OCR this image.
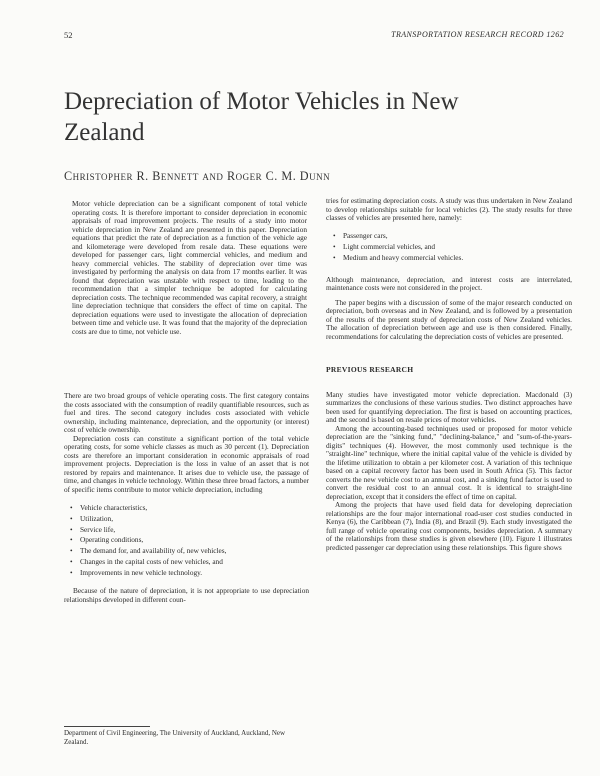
52	TRANSPORTATION RESEARCH RECORD 1262
Depreciation of Motor Vehicles in New Zealand
Christopher R. Bennett and Roger C. M. Dunn

Motor vehicle depreciation can be a significant component of total vehicle operating costs. It is therefore important to consider depreciation in economic appraisals of road improvement projects. The results of a study into motor vehicle depreciation in New Zealand are presented in this paper. Depreciation equations that predict the rate of depreciation as a function of the vehicle age and kilometerage were developed from resale data. These equations were developed for passenger cars, light commercial vehicles, and medium and heavy commercial vehicles. The stability of depreciation over time was investigated by performing the analysis on data from 17 months earlier. It was found that depreciation was unstable with respect to time, leading to the recommendation that a simpler technique be adopted for calculating depreciation costs. The technique recommended was capital recovery, a straight line depreciation technique that considers the effect of time on capital. The depreciation equations were used to investigate the allocation of depreciation between time and vehicle use. It was found that the majority of the depreciation costs are due to time, not vehicle use.

There are two broad groups of vehicle operating costs. The first category contains the costs associated with the consumption of readily quantifiable resources, such as fuel and tires. The second category includes costs associated with vehicle ownership, including maintenance, depreciation, and the opportunity (or interest) cost of vehicle ownership.

Depreciation costs can constitute a significant portion of the total vehicle operating costs, for some vehicle classes as much as 30 percent (1). Depreciation costs are therefore an important consideration in economic appraisals of road improvement projects. Depreciation is the loss in value of an asset that is not restored by repairs and maintenance. It arises due to vehicle use, the passage of time, and changes in vehicle technology. Within these three broad factors, a number of specific items contribute to motor vehicle depreciation, including

• Vehicle characteristics,
• Utilization,
• Service life,
• Operating conditions,
• The demand for, and availability of, new vehicles,
• Changes in the capital costs of new vehicles, and
• Improvements in new vehicle technology.

Because of the nature of depreciation, it is not appropriate to use depreciation relationships developed in different coun-

Department of Civil Engineering, The University of Auckland, Auckland, New Zealand.

tries for estimating depreciation costs. A study was thus undertaken in New Zealand to develop relationships suitable for local vehicles (2). The study results for three classes of vehicles are presented here, namely:

• Passenger cars,
• Light commercial vehicles, and
• Medium and heavy commercial vehicles.

Although maintenance, depreciation, and interest costs are interrelated, maintenance costs were not considered in the project.

The paper begins with a discussion of some of the major research conducted on depreciation, both overseas and in New Zealand, and is followed by a presentation of the results of the present study of depreciation costs of New Zealand vehicles. The allocation of depreciation between age and use is then considered. Finally, recommendations for calculating the depreciation costs of vehicles are presented.

PREVIOUS RESEARCH

Many studies have investigated motor vehicle depreciation. Macdonald (3) summarizes the conclusions of these various studies. Two distinct approaches have been used for quantifying depreciation. The first is based on accounting practices, and the second is based on resale prices of motor vehicles.

Among the accounting-based techniques used or proposed for motor vehicle depreciation are the "sinking fund," "declining-balance," and "sum-of-the-years-digits" techniques (4). However, the most commonly used technique is the "straight-line" technique, where the initial capital value of the vehicle is divided by the lifetime utilization to obtain a per kilometer cost. A variation of this technique based on a capital recovery factor has been used in South Africa (5). This factor converts the new vehicle cost to an annual cost, and a sinking fund factor is used to convert the residual cost to an annual cost. It is identical to straight-line depreciation, except that it considers the effect of time on capital.

Among the projects that have used field data for developing depreciation relationships are the four major international road-user cost studies conducted in Kenya (6), the Caribbean (7), India (8), and Brazil (9). Each study investigated the full range of vehicle operating cost components, besides depreciation. A summary of the relationships from these studies is given elsewhere (10). Figure 1 illustrates predicted passenger car depreciation using these relationships. This figure shows
